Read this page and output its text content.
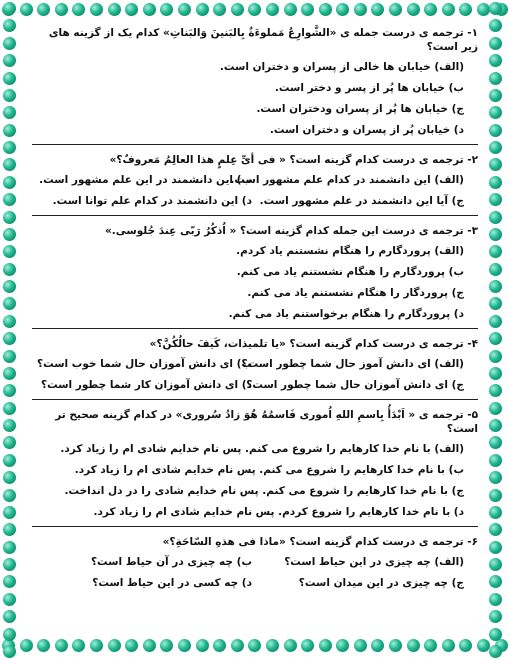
۱- ترجمه ی درست جمله ی «الشَّوارِعُ مَملوءَةٌ بِالبَنینَ وَالبَناتِ» کدام یک از گزینه های زیر است؟
(الف) خیابان ها خالی از پسران و دختران است.
ب) خیابان ها پُر از پسر و دختر است.
ج) خیابان ها پُر از پسران ودختران است.
د) خیابان پُر از پسران و دختران است.
۲- ترجمه ی درست کدام گزینه است؟ « فی أیِّ عِلمٍ هذا العالِمُ مَعروفٌ؟»
(الف) این دانشمند در کدام علم مشهور است.
ب) این دانشمند در این علم مشهور است.
ج) آیا این دانشمند در علم مشهور است.
د) این دانشمند در کدام علم توانا است.
۳- ترجمه ی درست این جمله کدام گزینه است؟ « اُذکُرُ رَبّی عِندَ جُلوسی.»
(الف) پروردگارم را هنگام نشستنم یاد کردم.
ب) پروردگارم را هنگام نشستنم یاد می کنم.
ج) پروردگار را هنگام نشستنم یاد می کنم.
د) پروردگارم را هنگام برخواستنم یاد می کنم.
۴- ترجمه ی درست کدام گزینه است؟ «یا تلمیذات، کَیفَ حالُکُنَّ؟»
(الف) ای دانش آموز حال شما چطور است؟
ب) ای دانش آموزان حال شما خوب است؟
ج) ای دانش آموزان حال شما چطور است؟
د) ای دانش آموزان کار شما چطور است؟
۵- ترجمه ی « اَبْدَأُ بِاسمِ اللهِ اُموری فَاسمُهُ هُوَ زادُ سُروری» در کدام گزینه صحیح تر است؟
(الف) با نام خدا کارهایم را شروع می کنم. پس نام خدایم شادی ام را زیاد کرد.
ب) با نام خدا کارهایم را شروع می کنم. پس نام خدایم شادی ام را زیاد کرد.
ج) با نام خدا کارهایم را شروع می کنم. پس نام خدایم شادی را در دل انداخت.
د) با نام خدا کارهایم را شروع کردم. پس نام خدایم شادی ام را زیاد کرد.
۶- ترجمه ی درست کدام گزینه است؟ «ماذا فی هذهِ السّاحَةِ؟»
(الف) چه چیزی در این حیاط است؟
ب) چه چیزی در آن حیاط است؟
ج) چه چیزی در این میدان است؟
د) چه کسی در این حیاط است؟
